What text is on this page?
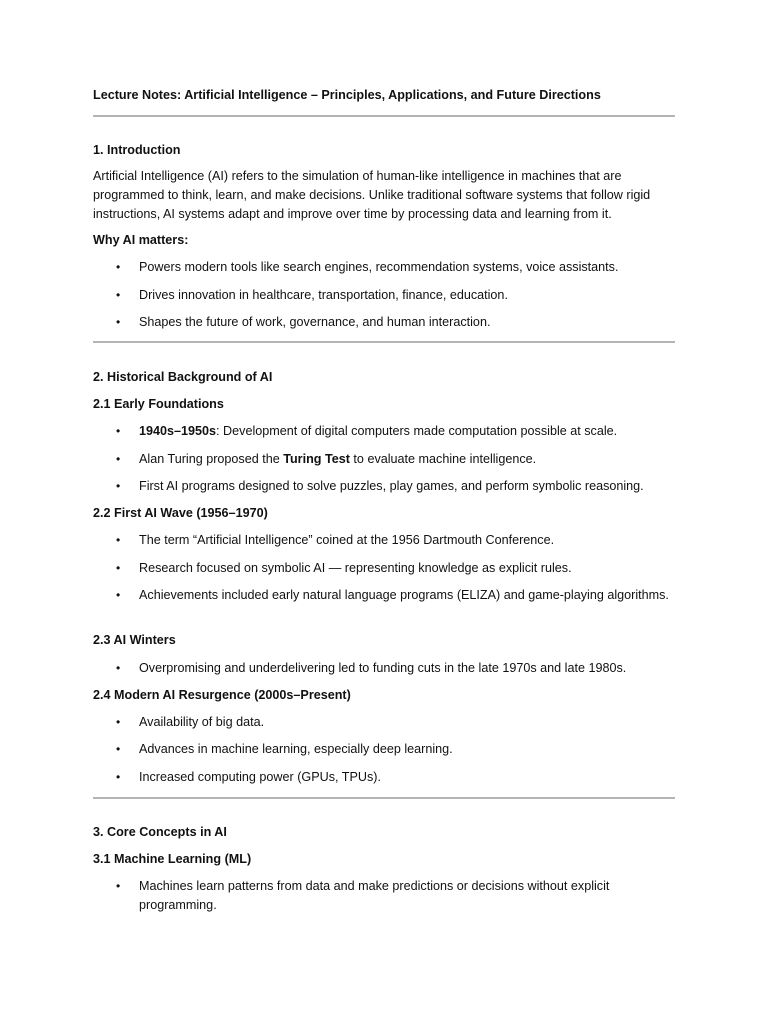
Lecture Notes: Artificial Intelligence – Principles, Applications, and Future Directions
1. Introduction
Artificial Intelligence (AI) refers to the simulation of human-like intelligence in machines that are programmed to think, learn, and make decisions. Unlike traditional software systems that follow rigid instructions, AI systems adapt and improve over time by processing data and learning from it.
Why AI matters:
• Powers modern tools like search engines, recommendation systems, voice assistants.
• Drives innovation in healthcare, transportation, finance, education.
• Shapes the future of work, governance, and human interaction.
2. Historical Background of AI
2.1 Early Foundations
• 1940s–1950s: Development of digital computers made computation possible at scale.
• Alan Turing proposed the Turing Test to evaluate machine intelligence.
• First AI programs designed to solve puzzles, play games, and perform symbolic reasoning.
2.2 First AI Wave (1956–1970)
• The term “Artificial Intelligence” coined at the 1956 Dartmouth Conference.
• Research focused on symbolic AI — representing knowledge as explicit rules.
• Achievements included early natural language programs (ELIZA) and game-playing algorithms.
2.3 AI Winters
• Overpromising and underdelivering led to funding cuts in the late 1970s and late 1980s.
2.4 Modern AI Resurgence (2000s–Present)
• Availability of big data.
• Advances in machine learning, especially deep learning.
• Increased computing power (GPUs, TPUs).
3. Core Concepts in AI
3.1 Machine Learning (ML)
• Machines learn patterns from data and make predictions or decisions without explicit programming.
